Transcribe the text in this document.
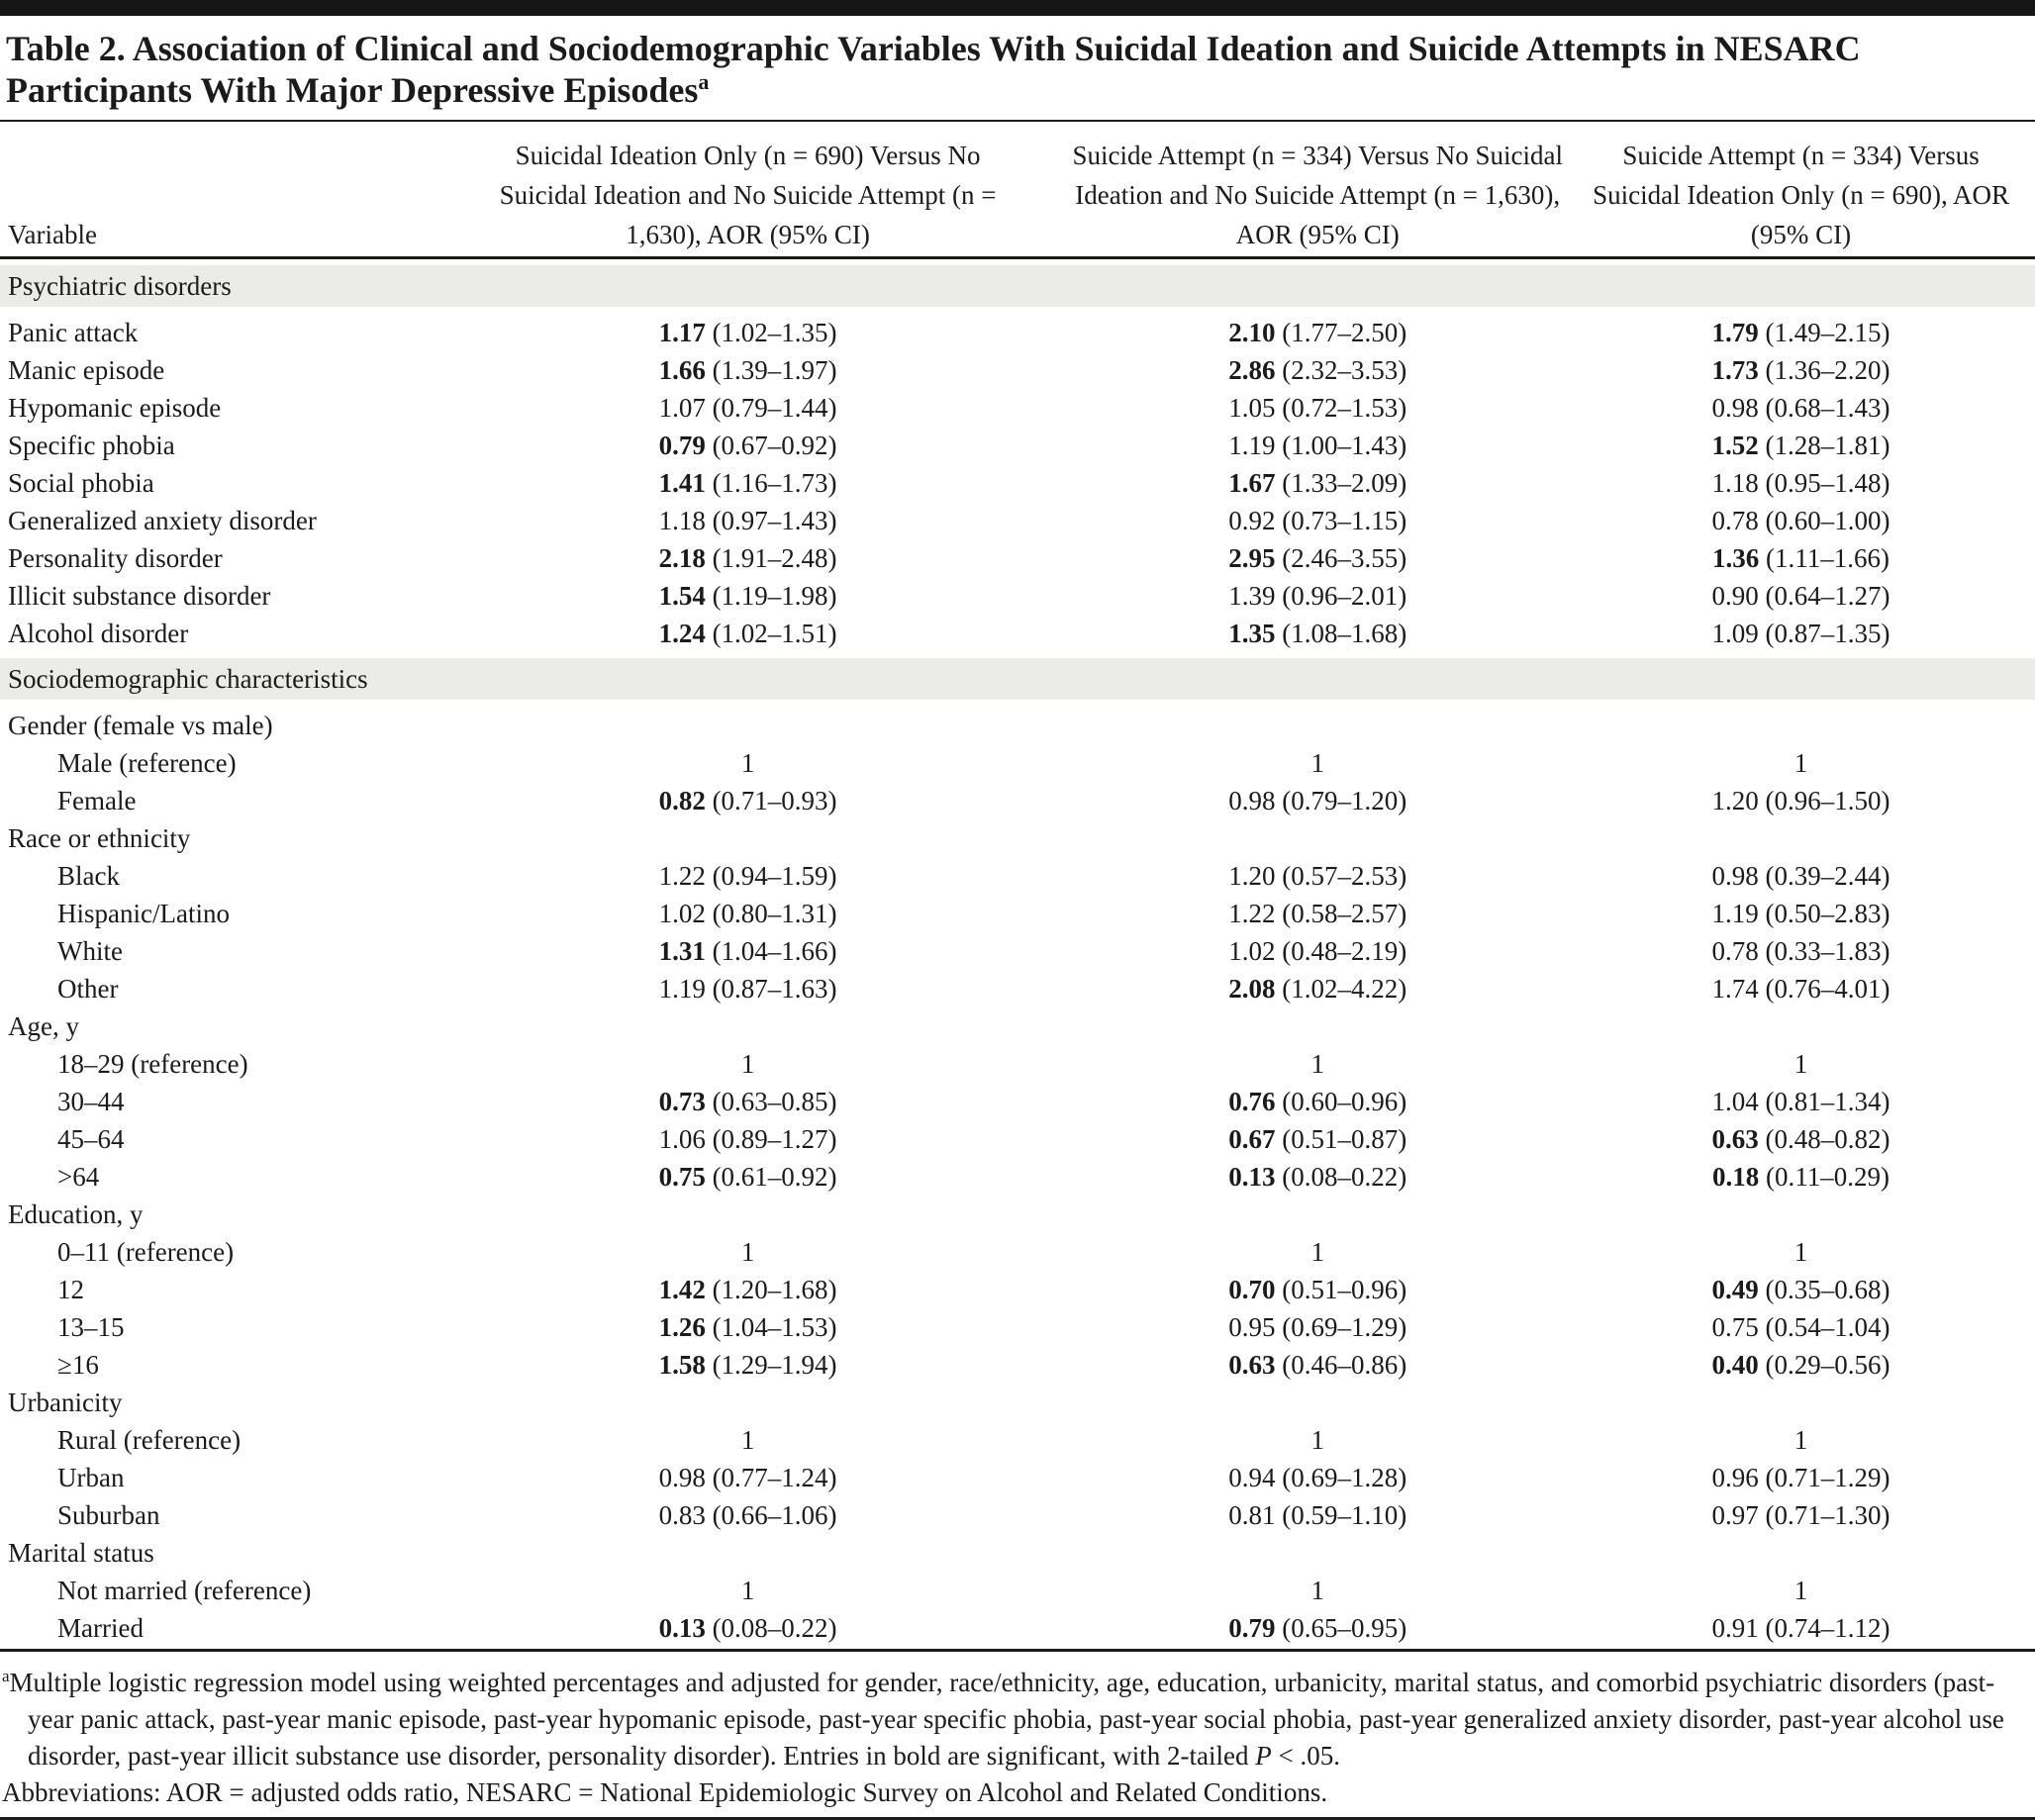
Table 2. Association of Clinical and Sociodemographic Variables With Suicidal Ideation and Suicide Attempts in NESARC Participants With Major Depressive Episodes$^a$
Variable	Suicidal Ideation Only (n = 690) Versus No Suicidal Ideation and No Suicide Attempt (n = 1,630), AOR (95% CI)	Suicide Attempt (n = 334) Versus No Suicidal Ideation and No Suicide Attempt (n = 1,630), AOR (95% CI)	Suicide Attempt (n = 334) Versus Suicidal Ideation Only (n = 690), AOR (95% CI)

Psychiatric disorders			

Panic attack	1.17 (1.02–1.35)	2.10 (1.77–2.50)	1.79 (1.49–2.15)
Manic episode	1.66 (1.39–1.97)	2.86 (2.32–3.53)	1.73 (1.36–2.20)
Hypomanic episode	1.07 (0.79–1.44)	1.05 (0.72–1.53)	0.98 (0.68–1.43)
Specific phobia	0.79 (0.67–0.92)	1.19 (1.00–1.43)	1.52 (1.28–1.81)
Social phobia	1.41 (1.16–1.73)	1.67 (1.33–2.09)	1.18 (0.95–1.48)
Generalized anxiety disorder	1.18 (0.97–1.43)	0.92 (0.73–1.15)	0.78 (0.60–1.00)
Personality disorder	2.18 (1.91–2.48)	2.95 (2.46–3.55)	1.36 (1.11–1.66)
Illicit substance disorder	1.54 (1.19–1.98)	1.39 (0.96–2.01)	0.90 (0.64–1.27)
Alcohol disorder	1.24 (1.02–1.51)	1.35 (1.08–1.68)	1.09 (0.87–1.35)

Sociodemographic characteristics			

Gender (female vs male)			
Male (reference)	1	1	1
Female	0.82 (0.71–0.93)	0.98 (0.79–1.20)	1.20 (0.96–1.50)
Race or ethnicity			
Black	1.22 (0.94–1.59)	1.20 (0.57–2.53)	0.98 (0.39–2.44)
Hispanic/Latino	1.02 (0.80–1.31)	1.22 (0.58–2.57)	1.19 (0.50–2.83)
White	1.31 (1.04–1.66)	1.02 (0.48–2.19)	0.78 (0.33–1.83)
Other	1.19 (0.87–1.63)	2.08 (1.02–4.22)	1.74 (0.76–4.01)
Age, y			
18–29 (reference)	1	1	1
30–44	0.73 (0.63–0.85)	0.76 (0.60–0.96)	1.04 (0.81–1.34)
45–64	1.06 (0.89–1.27)	0.67 (0.51–0.87)	0.63 (0.48–0.82)
>64	0.75 (0.61–0.92)	0.13 (0.08–0.22)	0.18 (0.11–0.29)
Education, y			
0–11 (reference)	1	1	1
12	1.42 (1.20–1.68)	0.70 (0.51–0.96)	0.49 (0.35–0.68)
13–15	1.26 (1.04–1.53)	0.95 (0.69–1.29)	0.75 (0.54–1.04)
≥16	1.58 (1.29–1.94)	0.63 (0.46–0.86)	0.40 (0.29–0.56)
Urbanicity			
Rural (reference)	1	1	1
Urban	0.98 (0.77–1.24)	0.94 (0.69–1.28)	0.96 (0.71–1.29)
Suburban	0.83 (0.66–1.06)	0.81 (0.59–1.10)	0.97 (0.71–1.30)
Marital status			
Not married (reference)	1	1	1
Married	0.13 (0.08–0.22)	0.79 (0.65–0.95)	0.91 (0.74–1.12)
$^a$Multiple logistic regression model using weighted percentages and adjusted for gender, race/ethnicity, age, education, urbanicity, marital status, and comorbid psychiatric disorders (past-year panic attack, past-year manic episode, past-year hypomanic episode, past-year specific phobia, past-year social phobia, past-year generalized anxiety disorder, past-year alcohol use disorder, past-year illicit substance use disorder, personality disorder). Entries in bold are significant, with 2-tailed P < .05.
Abbreviations: AOR = adjusted odds ratio, NESARC = National Epidemiologic Survey on Alcohol and Related Conditions.
